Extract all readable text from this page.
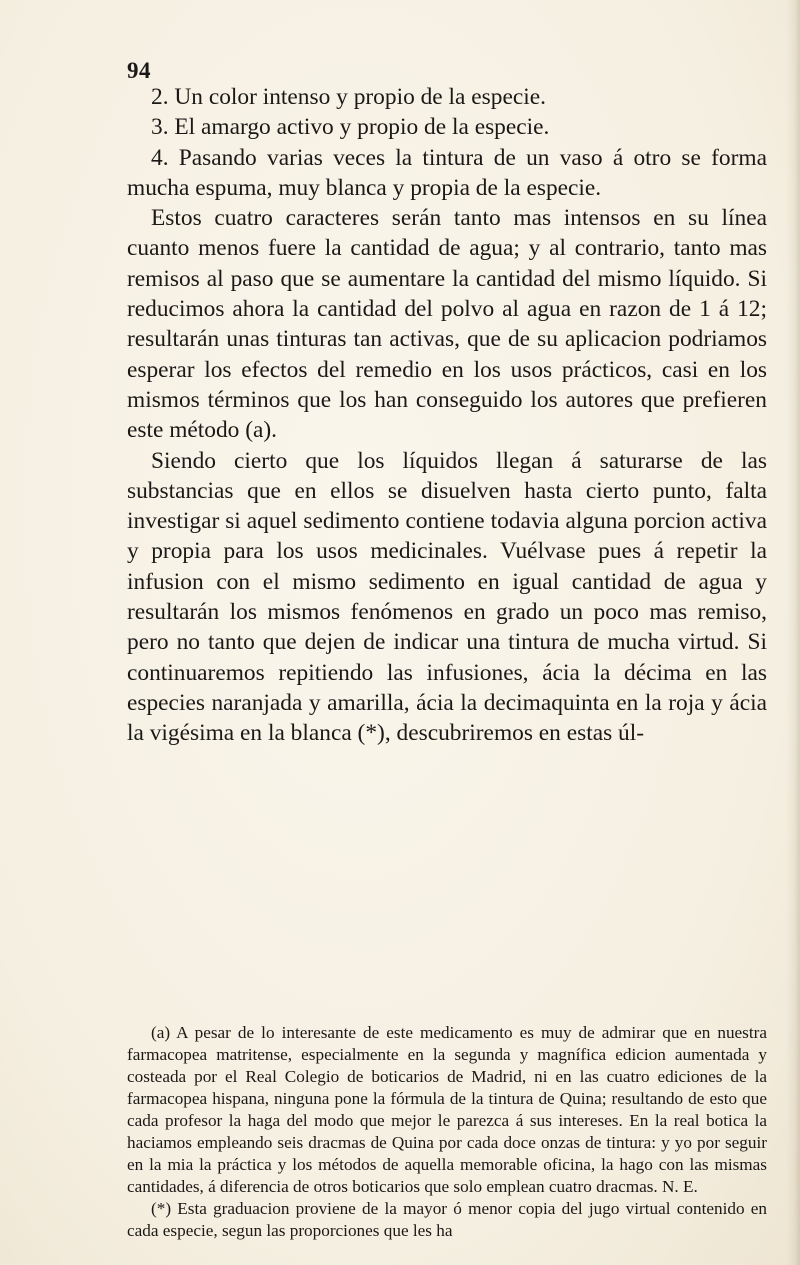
94

2. Un color intenso y propio de la especie.

3. El amargo activo y propio de la especie.

4. Pasando varias veces la tintura de un vaso á otro se forma mucha espuma, muy blanca y propia de la especie.

Estos cuatro caracteres serán tanto mas intensos en su línea cuanto menos fuere la cantidad de agua; y al contrario, tanto mas remisos al paso que se aumentare la cantidad del mismo líquido. Si reducimos ahora la cantidad del polvo al agua en razon de 1 á 12; resultarán unas tinturas tan activas, que de su aplicacion podriamos esperar los efectos del remedio en los usos prácticos, casi en los mismos términos que los han conseguido los autores que prefieren este método (a).

Siendo cierto que los líquidos llegan á saturarse de las substancias que en ellos se disuelven hasta cierto punto, falta investigar si aquel sedimento contiene todavia alguna porcion activa y propia para los usos medicinales. Vuélvase pues á repetir la infusion con el mismo sedimento en igual cantidad de agua y resultarán los mismos fenómenos en grado un poco mas remiso, pero no tanto que dejen de indicar una tintura de mucha virtud. Si continuaremos repitiendo las infusiones, ácia la décima en las especies naranjada y amarilla, ácia la decimaquinta en la roja y ácia la vigésima en la blanca (*), descubriremos en estas úl-

(a) A pesar de lo interesante de este medicamento es muy de admirar que en nuestra farmacopea matritense, especialmente en la segunda y magnífica edicion aumentada y costeada por el Real Colegio de boticarios de Madrid, ni en las cuatro ediciones de la farmacopea hispana, ninguna pone la fórmula de la tintura de Quina; resultando de esto que cada profesor la haga del modo que mejor le parezca á sus intereses. En la real botica la haciamos empleando seis dracmas de Quina por cada doce onzas de tintura: y yo por seguir en la mia la práctica y los métodos de aquella memorable oficina, la hago con las mismas cantidades, á diferencia de otros boticarios que solo emplean cuatro dracmas. N. E.

(*) Esta graduacion proviene de la mayor ó menor copia del jugo virtual contenido en cada especie, segun las proporciones que les ha
